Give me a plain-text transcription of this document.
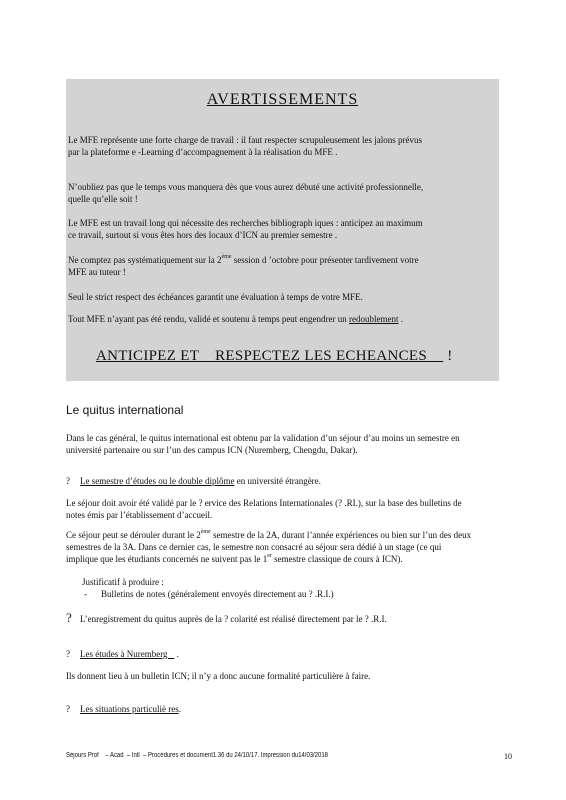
AVERTISSEMENTS
Le MFE représente une forte charge de travail : il faut respecter scrupuleusement les jalons prévus
par la plateforme e -Learning d’accompagnement à la réalisation du MFE .
N’oubliez pas que le temps vous manquera dès que vous aurez débuté une activité professionnelle,
quelle qu’elle soit !
Le MFE est un travail long qui nécessite des recherches bibliograph iques : anticipez au maximum
ce travail, surtout si vous êtes hors des locaux d’ICN au premier semestre .
Ne comptez pas systématiquement sur la 2ème session d ’octobre pour présenter tardivement votre
MFE au tuteur !
Seul le strict respect des échéances garantit une évaluation à temps de votre MFE.
Tout MFE n’ayant pas été rendu, validé et soutenu à temps peut engendrer un redoublement .
ANTICIPEZ ET    RESPECTEZ LES ECHEANCES     !
Le quitus international
Dans le cas général, le quitus international est obtenu par la validation d’un séjour d’au moins un semestre en
université partenaire ou sur l’un des campus ICN (Nuremberg, Chengdu, Dakar).
? Le semestre d’études ou le double diplôme en université étrangère.
Le séjour doit avoir été validé par le ? ervice des Relations Internationales (? .RI.), sur la base des bulletins de
notes émis par l’établissement d’accueil.
Ce séjour peut se dérouler durant le 2ème semestre de la 2A, durant l’année expériences ou bien sur l’un des deux
semestres de la 3A. Dans ce dernier cas, le semestre non consacré au séjour sera dédié à un stage (ce qui
implique que les étudiants concernés ne suivent pas le 1er semestre classique de cours à ICN).
Justificatif à produire :
- Bulletins de notes (généralement envoyés directement au ? .R.I.)
? L’enregistrement du quitus auprès de la ? colarité est réalisé directement par le ? .R.I.
? Les études à Nuremberg    .
Ils donnent lieu à un bulletin ICN; il n’y a donc aucune formalité particulière à faire.
? Les situations particuliè res.
Séjours Prof    – Acad  – Intl  – Procédures et document1.36 du 24/10/17. Impression du14/03/2018	10
